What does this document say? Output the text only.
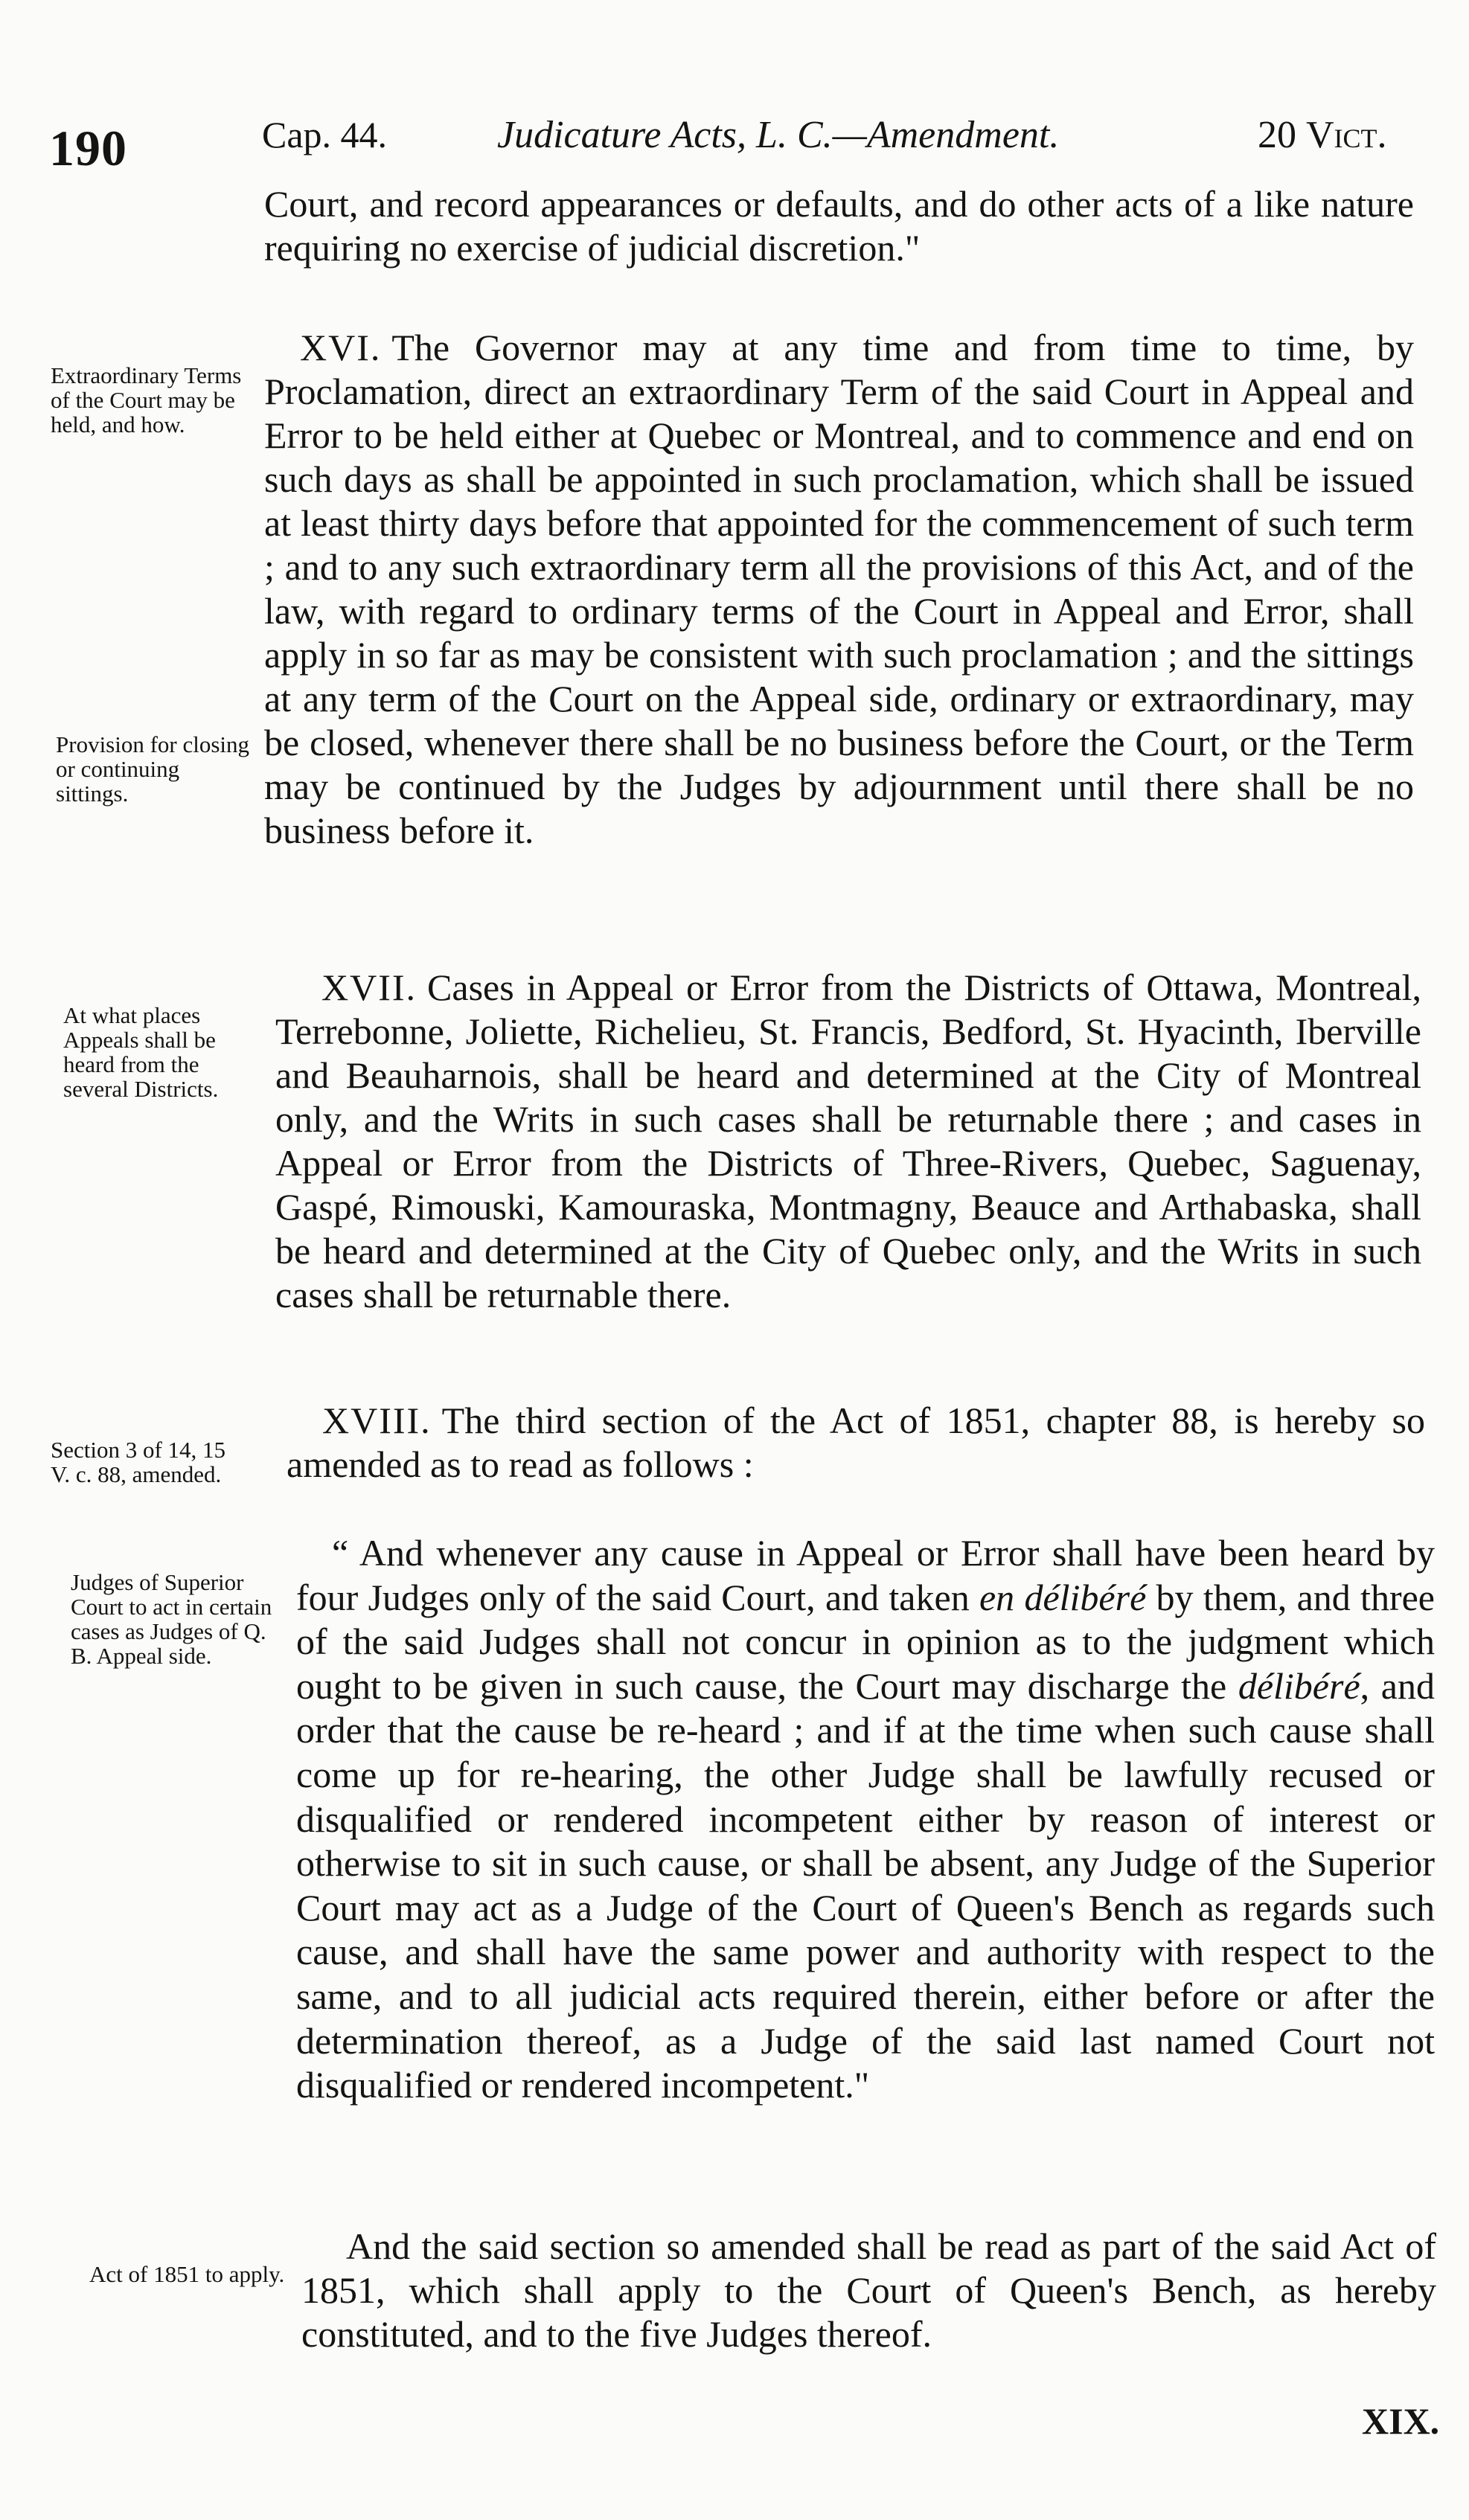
190	Cap. 44.	Judicature Acts, L. C.—Amendment.	20 Vict.

Court, and record appearances or defaults, and do other acts of a like nature requiring no exercise of judicial discretion."

Extraordinary Terms of the Court may be held, and how.
Provision for closing or continuing sittings.

XVI. The Governor may at any time and from time to time, by Proclamation, direct an extraordinary Term of the said Court in Appeal and Error to be held either at Quebec or Montreal, and to commence and end on such days as shall be appointed in such proclamation, which shall be issued at least thirty days before that appointed for the commencement of such term ; and to any such extraordinary term all the provisions of this Act, and of the law, with regard to ordinary terms of the Court in Appeal and Error, shall apply in so far as may be consistent with such proclamation ; and the sittings at any term of the Court on the Appeal side, ordinary or extraordinary, may be closed, whenever there shall be no business before the Court, or the Term may be continued by the Judges by adjournment until there shall be no business before it.

At what places Appeals shall be heard from the several Districts.

XVII. Cases in Appeal or Error from the Districts of Ottawa, Montreal, Terrebonne, Joliette, Richelieu, St. Francis, Bedford, St. Hyacinth, Iberville and Beauharnois, shall be heard and determined at the City of Montreal only, and the Writs in such cases shall be returnable there ; and cases in Appeal or Error from the Districts of Three-Rivers, Quebec, Saguenay, Gaspé, Rimouski, Kamouraska, Montmagny, Beauce and Arthabaska, shall be heard and determined at the City of Quebec only, and the Writs in such cases shall be returnable there.

Section 3 of 14, 15 V. c. 88, amended.

XVIII. The third section of the Act of 1851, chapter 88, is hereby so amended as to read as follows :

Judges of Superior Court to act in certain cases as Judges of Q. B. Appeal side.

“ And whenever any cause in Appeal or Error shall have been heard by four Judges only of the said Court, and taken en délibéré by them, and three of the said Judges shall not concur in opinion as to the judgment which ought to be given in such cause, the Court may discharge the délibéré, and order that the cause be re-heard ; and if at the time when such cause shall come up for re-hearing, the other Judge shall be lawfully recused or disqualified or rendered incompetent either by reason of interest or otherwise to sit in such cause, or shall be absent, any Judge of the Superior Court may act as a Judge of the Court of Queen's Bench as regards such cause, and shall have the same power and authority with respect to the same, and to all judicial acts required therein, either before or after the determination thereof, as a Judge of the said last named Court not disqualified or rendered incompetent."

Act of 1851 to apply.

And the said section so amended shall be read as part of the said Act of 1851, which shall apply to the Court of Queen's Bench, as hereby constituted, and to the five Judges thereof.

XIX.
